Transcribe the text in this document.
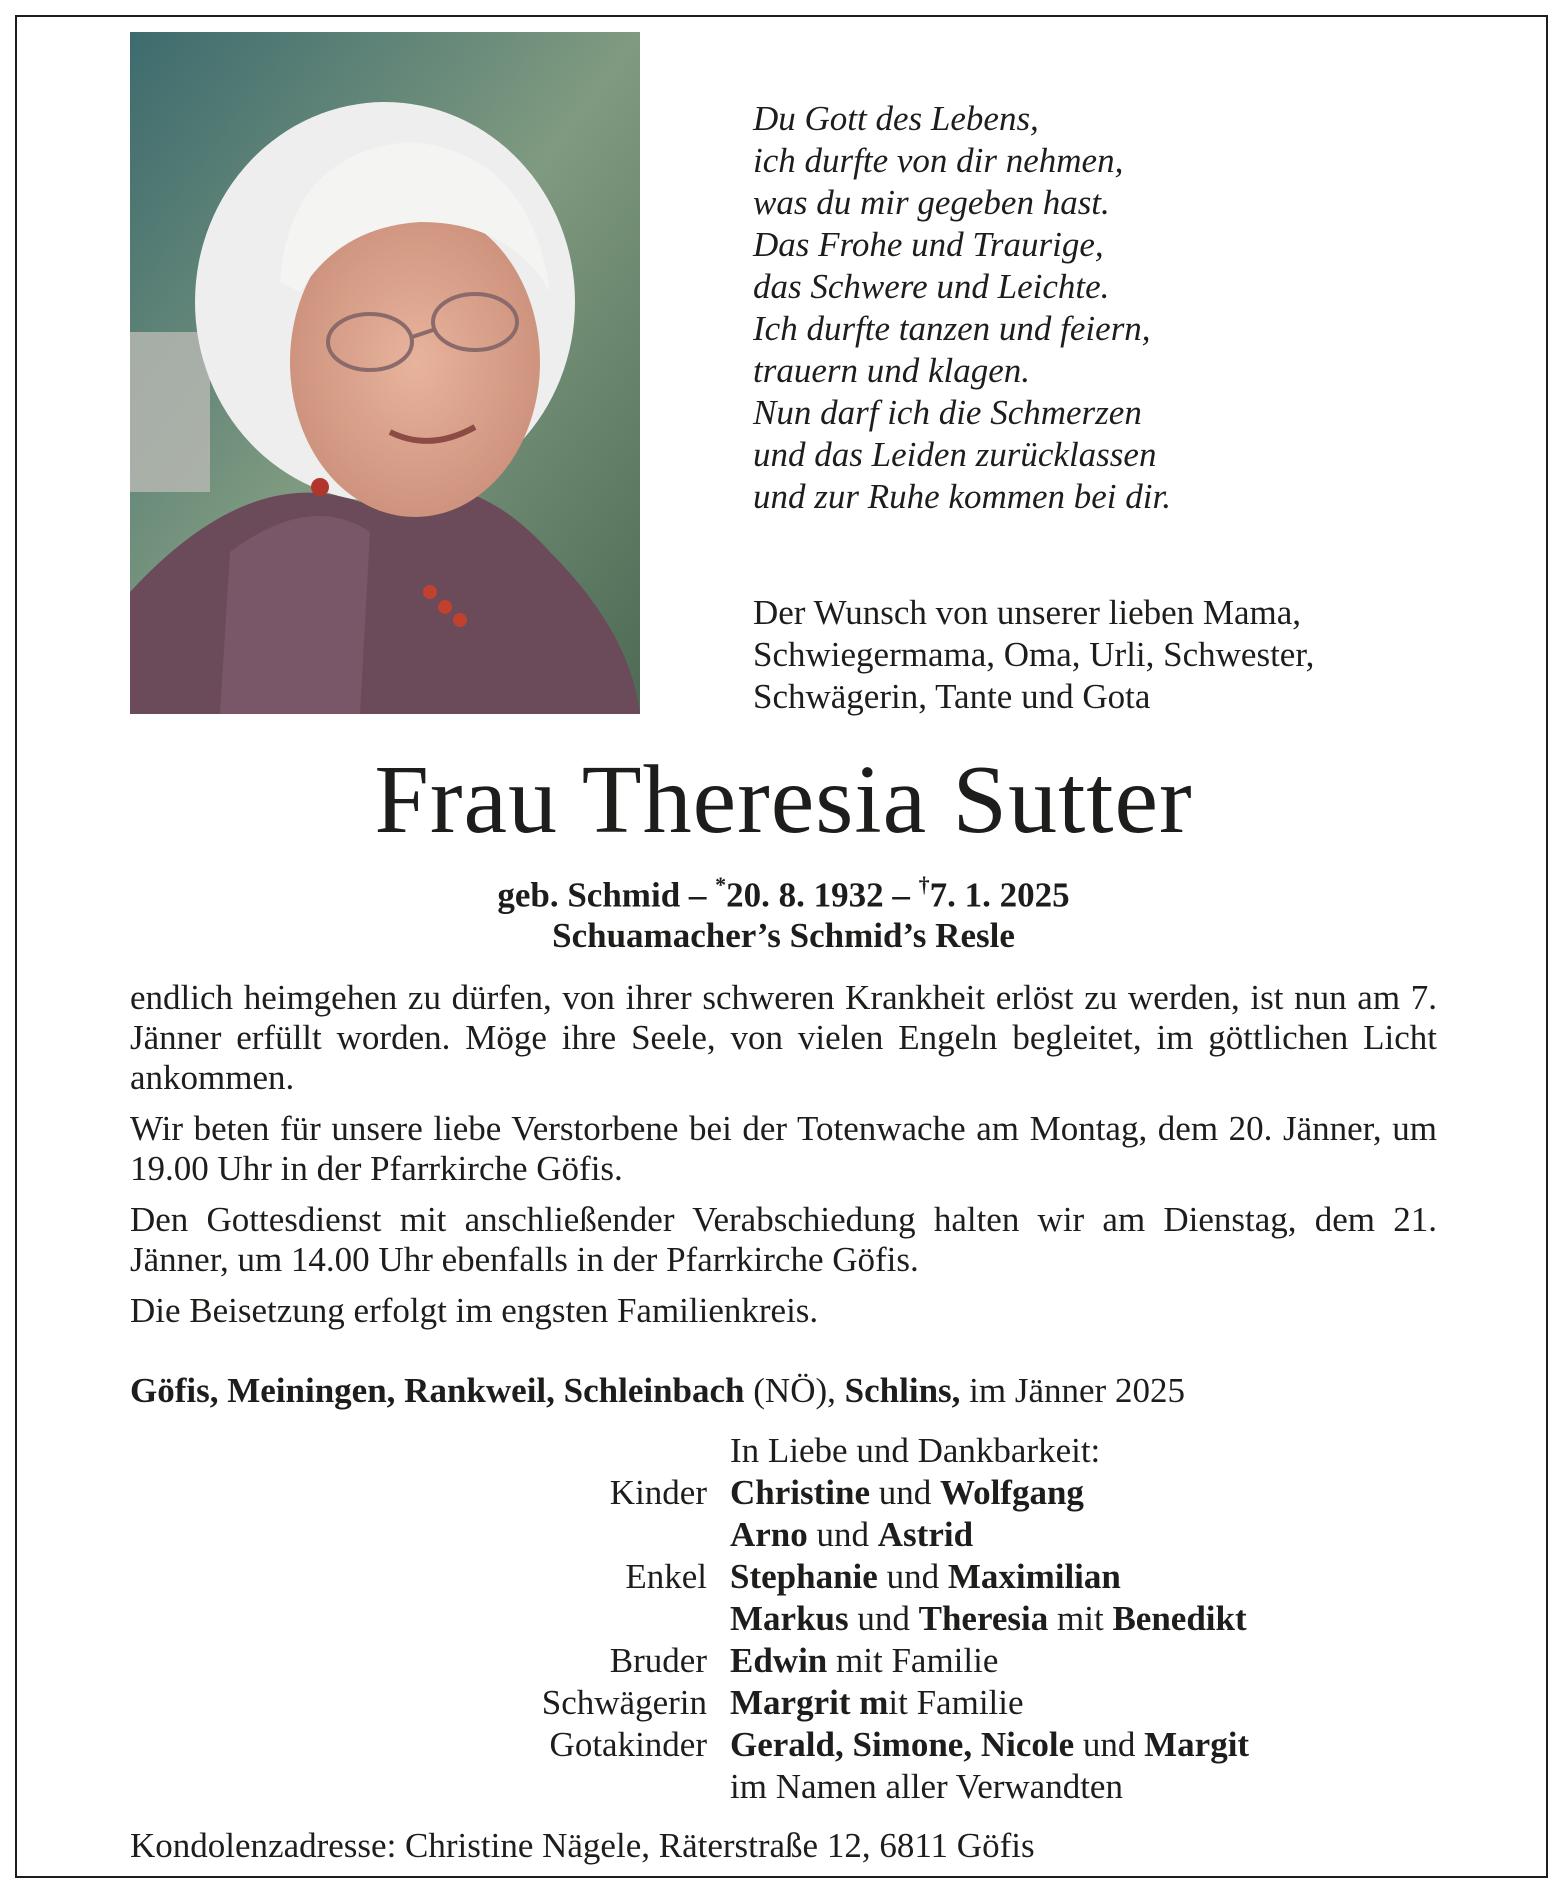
Du Gott des Lebens,
ich durfte von dir nehmen,
was du mir gegeben hast.
Das Frohe und Traurige,
das Schwere und Leichte.
Ich durfte tanzen und feiern,
trauern und klagen.
Nun darf ich die Schmerzen
und das Leiden zurücklassen
und zur Ruhe kommen bei dir.
Der Wunsch von unserer lieben Mama,
Schwiegermama, Oma, Urli, Schwester,
Schwägerin, Tante und Gota
Frau Theresia Sutter
geb. Schmid – *20. 8. 1932 – †7. 1. 2025
Schuamacher’s Schmid’s Resle

endlich heimgehen zu dürfen, von ihrer schweren Krankheit erlöst zu werden, ist nun am 7. Jänner erfüllt worden. Möge ihre Seele, von vielen Engeln begleitet, im göttlichen Licht ankommen.

Wir beten für unsere liebe Verstorbene bei der Totenwache am Montag, dem 20. Jänner, um 19.00 Uhr in der Pfarrkirche Göfis.

Den Gottesdienst mit anschließender Verabschiedung halten wir am Dienstag, dem 21. Jänner, um 14.00 Uhr ebenfalls in der Pfarrkirche Göfis.

Die Beisetzung erfolgt im engsten Familienkreis.

Göfis, Meiningen, Rankweil, Schleinbach (NÖ), Schlins, im Jänner 2025
In Liebe und Dankbarkeit:
Kinder Christine und Wolfgang
Arno und Astrid
Enkel Stephanie und Maximilian
Markus und Theresia mit Benedikt
Bruder Edwin mit Familie
Schwägerin Margrit mit Familie
Gotakinder Gerald, Simone, Nicole und Margit
im Namen aller Verwandten
Kondolenzadresse: Christine Nägele, Räterstraße 12, 6811 Göfis
